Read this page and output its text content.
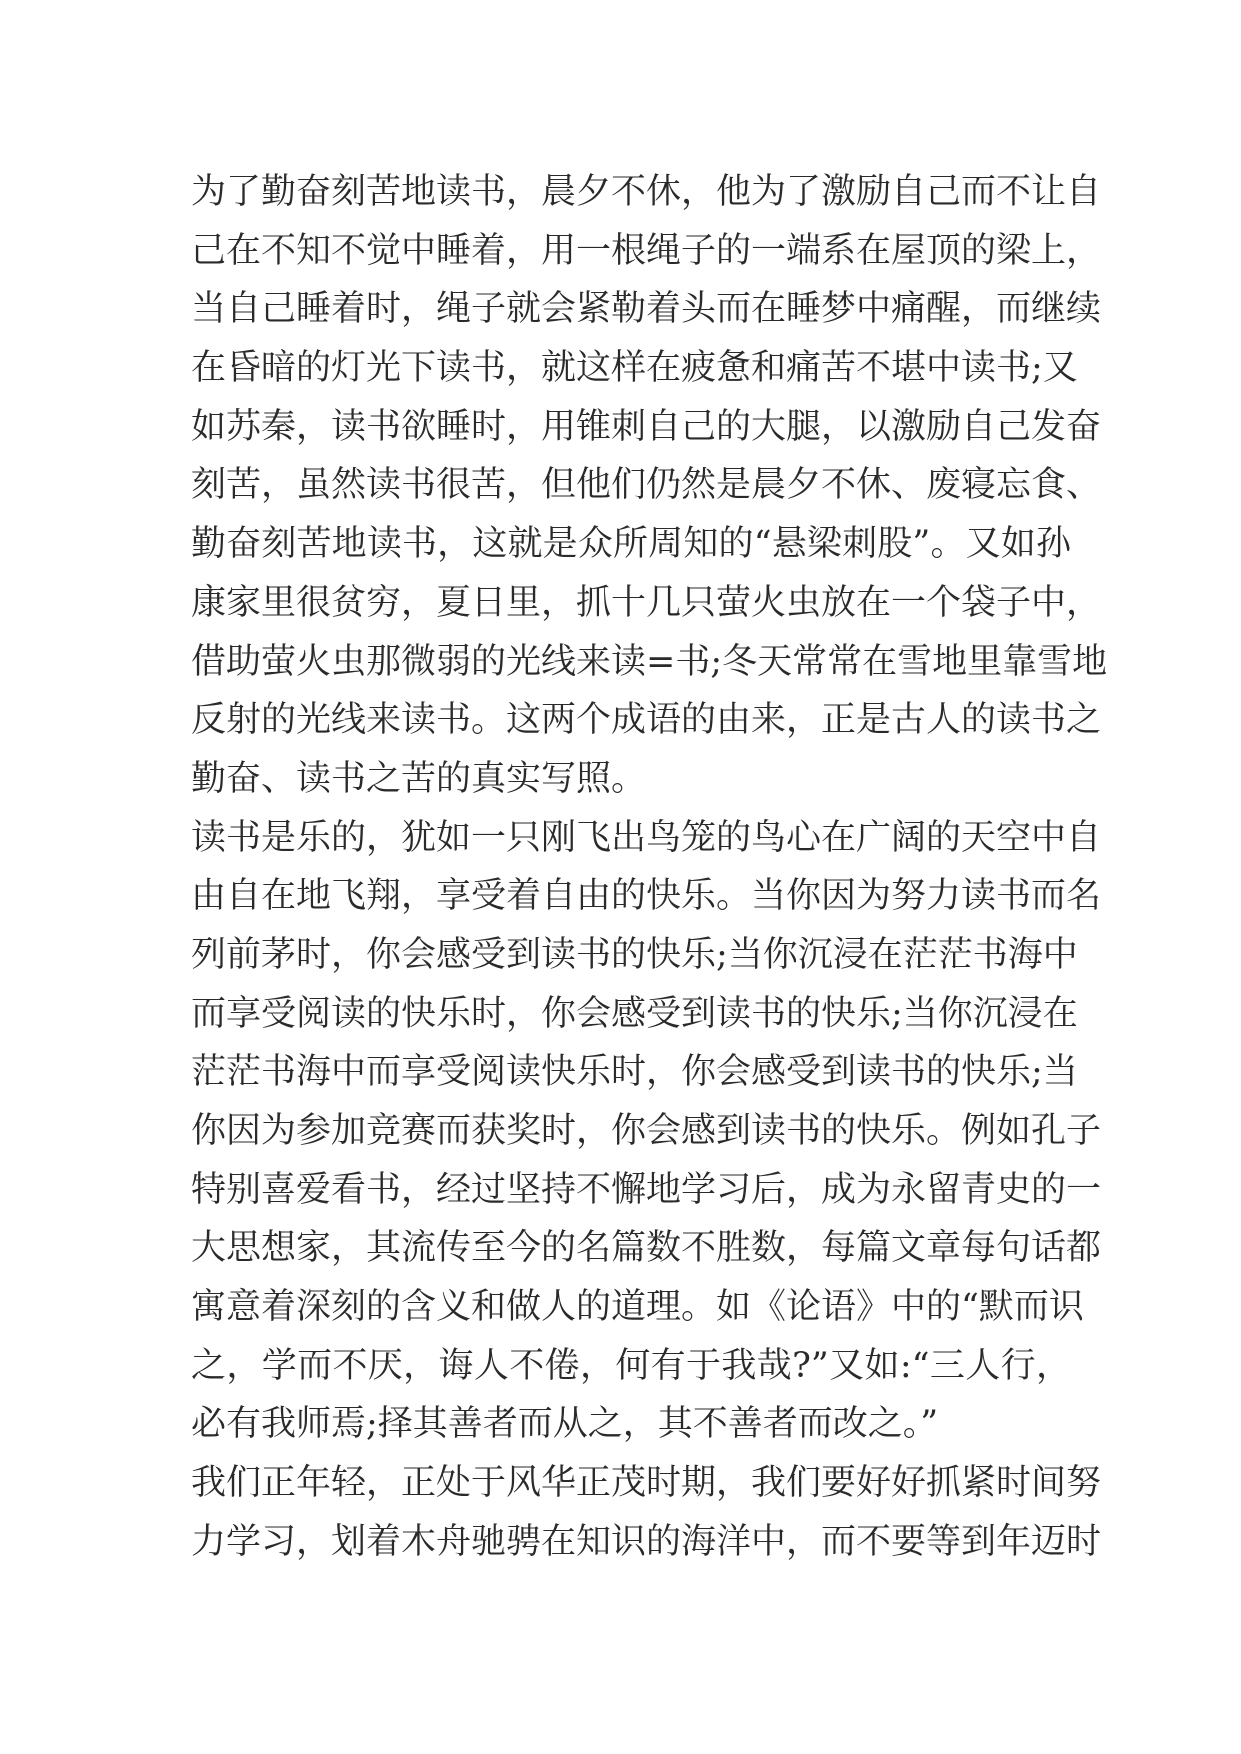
为了勤奋刻苦地读书，晨夕不休，他为了激励自己而不让自
己在不知不觉中睡着，用一根绳子的一端系在屋顶的梁上，
当自己睡着时，绳子就会紧勒着头而在睡梦中痛醒，而继续
在昏暗的灯光下读书，就这样在疲惫和痛苦不堪中读书;又
如苏秦，读书欲睡时，用锥刺自己的大腿，以激励自己发奋
刻苦，虽然读书很苦，但他们仍然是晨夕不休、废寝忘食、
勤奋刻苦地读书，这就是众所周知的“悬梁刺股”。又如孙
康家里很贫穷，夏日里，抓十几只萤火虫放在一个袋子中，
借助萤火虫那微弱的光线来读=书;冬天常常在雪地里靠雪地
反射的光线来读书。这两个成语的由来，正是古人的读书之
勤奋、读书之苦的真实写照。
读书是乐的，犹如一只刚飞出鸟笼的鸟心在广阔的天空中自
由自在地飞翔，享受着自由的快乐。当你因为努力读书而名
列前茅时，你会感受到读书的快乐;当你沉浸在茫茫书海中
而享受阅读的快乐时，你会感受到读书的快乐;当你沉浸在
茫茫书海中而享受阅读快乐时，你会感受到读书的快乐;当
你因为参加竞赛而获奖时，你会感到读书的快乐。例如孔子
特别喜爱看书，经过坚持不懈地学习后，成为永留青史的一
大思想家，其流传至今的名篇数不胜数，每篇文章每句话都
寓意着深刻的含义和做人的道理。如《论语》中的“默而识
之，学而不厌，诲人不倦，何有于我哉?”又如:“三人行，
必有我师焉;择其善者而从之，其不善者而改之。”
我们正年轻，正处于风华正茂时期，我们要好好抓紧时间努
力学习，划着木舟驰骋在知识的海洋中，而不要等到年迈时
